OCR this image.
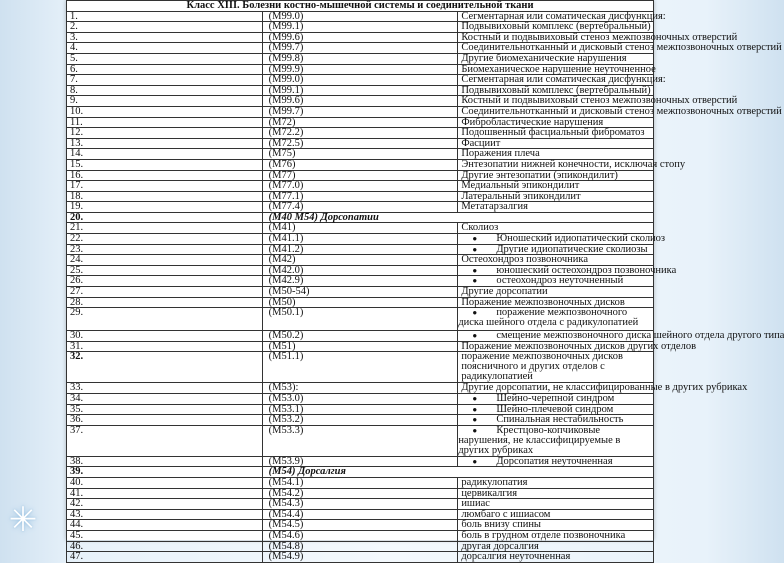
✳
Класс XIII. Болезни костно-мышечной системы и соединительной ткани		
1.	(M99.0)	Сегментарная или соматическая дисфункция:
2.	(M99.1)	Подвывиховый комплекс (вертебральный)
3.	(M99.6)	Костный и подвывиховый стеноз межпозвоночных отверстий
4.	(M99.7)	Соединительнотканный и дисковый стеноз межпозвоночных отверстий
5.	(M99.8)	Другие биомеханические нарушения
6.	(M99.9)	Биомеханическое нарушение неуточненное
7.	(M99.0)	Сегментарная или соматическая дисфункция:
8.	(M99.1)	Подвывиховый комплекс (вертебральный)
9.	(M99.6)	Костный и подвывиховый стеноз межпозвоночных отверстий
10.	(M99.7)	Соединительнотканный и дисковый стеноз межпозвоночных отверстий
11.	(M72)	Фибробластические нарушения
12.	(M72.2)	Подошвенный фасциальный фиброматоз
13.	(M72.5)	Фасциит
14.	(M75)	Поражения плеча
15.	(M76)	Энтезопатии нижней конечности, исключая стопу
16.	(M77)	Другие энтезопатии (эпикондилит)
17.	(M77.0)	Медиальный эпикондилит
18.	(M77.1)	Латеральный эпикондилит
19.	(M77.4)	Метатарзалгия
20.	(M40 M54) Дорсопатии	
21.	(M41)	Сколиоз
22.	(M41.1)	● Юношеский идиопатический сколиоз
23.	(M41.2)	● Другие идиопатические сколиозы
24.	(M42)	Остеохондроз позвоночника
25.	(M42.0)	● юношеский остеохондроз позвоночника
26.	(M42.9)	● остеохондроз неуточненный
27.	(M50-54)	Другие дорсопатии
28.	(M50)	Поражение межпозвоночных дисков
29.	(M50.1)	● поражение межпозвоночного диска шейного отдела с радикулопатией
30.	(M50.2)	● смещение межпозвоночного диска шейного отдела другого типа
31.	(M51)	Поражение межпозвоночных дисков других отделов
32.	(M51.1)	поражение межпозвоночных дисков поясничного и других отделов с радикулопатией
33.	(M53):	Другие дорсопатии, не классифицированные в других рубриках
34.	(M53.0)	● Шейно-черепной синдром
35.	(M53.1)	● Шейно-плечевой синдром
36.	(M53.2)	● Спинальная нестабильность
37.	(M53.3)	● Крестцово-копчиковые нарушения, не классифицируемые в других рубриках
38.	(M53.9)	● Дорсопатия неуточненная
39.	(M54) Дорсалгия	
40.	(M54.1)	радикулопатия
41.	(M54.2)	цервикалгия
42.	(M54.3)	ишиас
43.	(M54.4)	люмбаго с ишиасом
44.	(M54.5)	боль внизу спины
45.	(M54.6)	боль в грудном отделе позвоночника
46.	(M54.8)	другая дорсалгия
47.	(M54.9)	дорсалгия неуточненная
